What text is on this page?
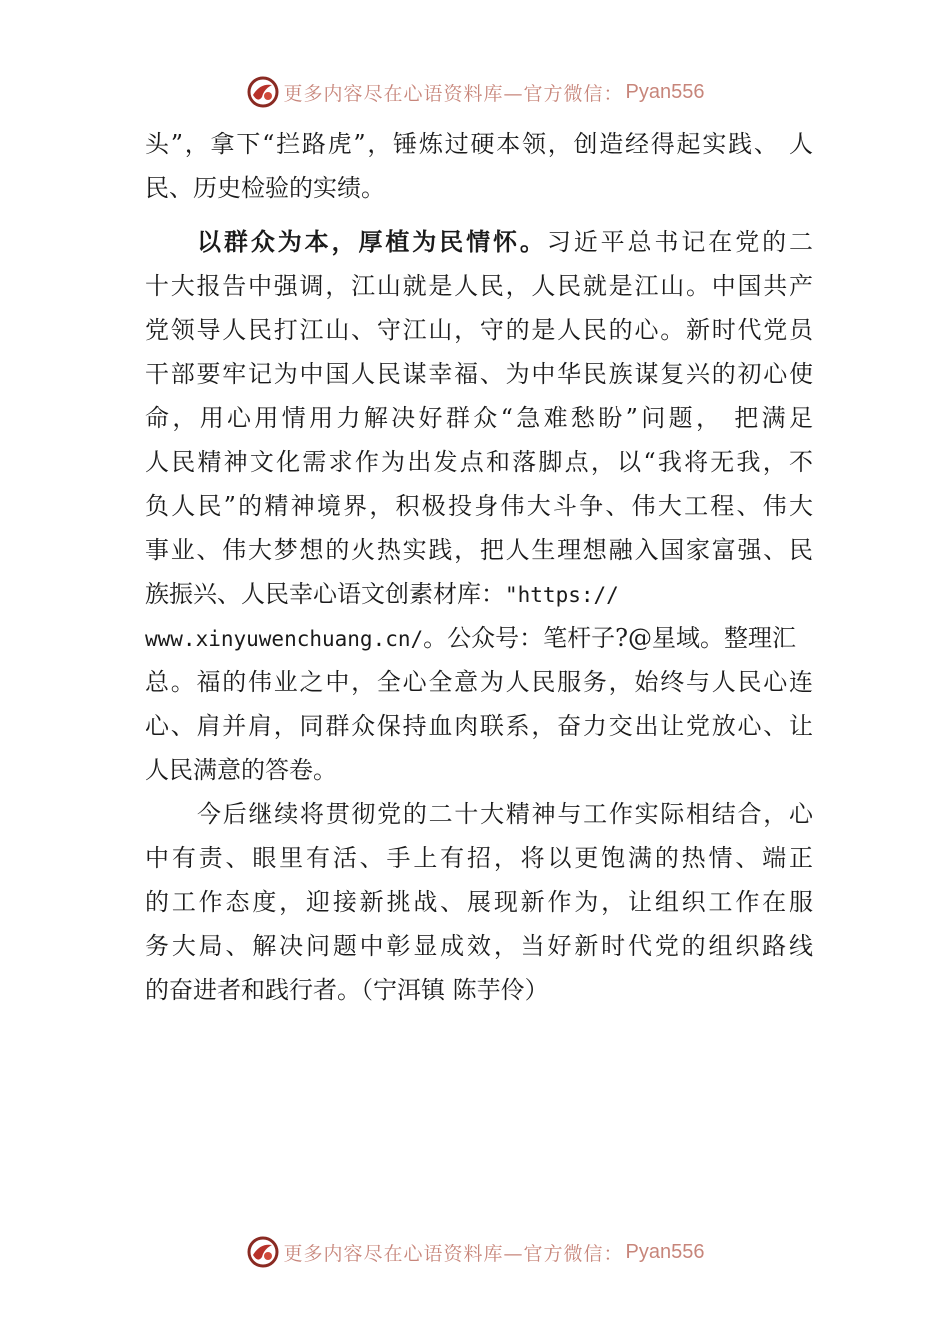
更多内容尽在心语资料库—官方微信： Pyan556
头”，拿下“拦路虎”，锤炼过硬本领，创造经得起实践、 人
民、历史检验的实绩。
以群众为本，厚植为民情怀。习近平总书记在党的二
十大报告中强调，江山就是人民，人民就是江山。中国共产
党领导人民打江山、守江山，守的是人民的心。新时代党员
干部要牢记为中国人民谋幸福、为中华民族谋复兴的初心使
命，用心用情用力解决好群众“急难愁盼”问题， 把满足
人民精神文化需求作为出发点和落脚点，以“我将无我，不
负人民”的精神境界，积极投身伟大斗争、伟大工程、伟大
事业、伟大梦想的火热实践，把人生理想融入国家富强、民
族振兴、人民幸心语文创素材库："https://
www.xinyuwenchuang.cn/。公众号：笔杆子?@星域。整理汇
总。福的伟业之中，全心全意为人民服务，始终与人民心连
心、肩并肩，同群众保持血肉联系，奋力交出让党放心、让
人民满意的答卷。
今后继续将贯彻党的二十大精神与工作实际相结合，心
中有责、眼里有活、手上有招，将以更饱满的热情、端正
的工作态度，迎接新挑战、展现新作为，让组织工作在服
务大局、解决问题中彰显成效，当好新时代党的组织路线
的奋进者和践行者。（宁洱镇 陈芋伶）
更多内容尽在心语资料库—官方微信： Pyan556
